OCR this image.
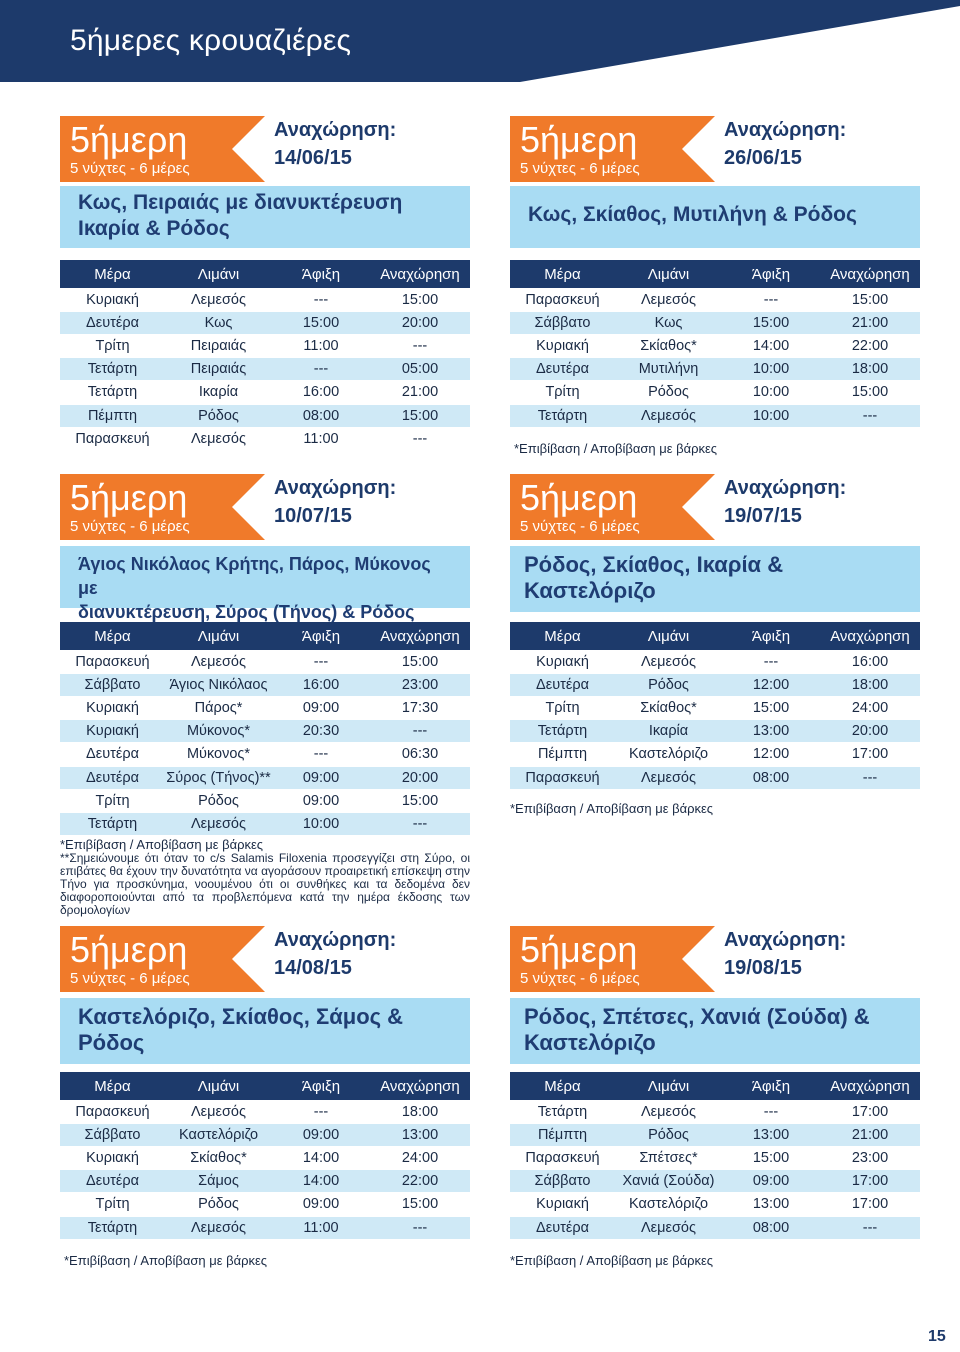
5ήμερες κρουαζιέρες
5ήμερη
5 νύχτες - 6 μέρες
Αναχώρηση:
14/06/15
Κως, Πειραιάς με διανυκτέρευση
Ικαρία & Ρόδος
Μέρα	Λιμάνι	Άφιξη	Αναχώρηση
Κυριακή	Λεμεσός	---	15:00
Δευτέρα	Κως	15:00	20:00
Τρίτη	Πειραιάς	11:00	---
Τετάρτη	Πειραιάς	---	05:00
Τετάρτη	Ικαρία	16:00	21:00
Πέμπτη	Ρόδος	08:00	15:00
Παρασκευή	Λεμεσός	11:00	---
5ήμερη
5 νύχτες - 6 μέρες
Αναχώρηση:
26/06/15
Κως, Σκίαθος, Μυτιλήνη & Ρόδος
Μέρα	Λιμάνι	Άφιξη	Αναχώρηση
Παρασκευή	Λεμεσός	---	15:00
Σάββατο	Κως	15:00	21:00
Κυριακή	Σκίαθος*	14:00	22:00
Δευτέρα	Μυτιλήνη	10:00	18:00
Τρίτη	Ρόδος	10:00	15:00
Τετάρτη	Λεμεσός	10:00	---
*Επιβίβαση / Αποβίβαση με βάρκες
5ήμερη
5 νύχτες - 6 μέρες
Αναχώρηση:
10/07/15
Άγιος Νικόλαος Κρήτης, Πάρος, Μύκονος με
διανυκτέρευση, Σύρος (Τήνος) & Ρόδος
Μέρα	Λιμάνι	Άφιξη	Αναχώρηση
Παρασκευή	Λεμεσός	---	15:00
Σάββατο	Άγιος Νικόλαος	16:00	23:00
Κυριακή	Πάρος*	09:00	17:30
Κυριακή	Μύκονος*	20:30	---
Δευτέρα	Μύκονος*	---	06:30
Δευτέρα	Σύρος (Τήνος)**	09:00	20:00
Τρίτη	Ρόδος	09:00	15:00
Τετάρτη	Λεμεσός	10:00	---
*Επιβίβαση / Αποβίβαση με βάρκες
**Σημειώνουμε ότι όταν το c/s Salamis Filoxenia προσεγγίζει στη Σύρο, οι επιβάτες θα έχουν την δυνατότητα να αγοράσουν προαιρετική επίσκεψη στην Τήνο για προσκύνημα, νοουμένου ότι οι συνθήκες και τα δεδομένα δεν διαφοροποιούνται από τα προβλεπόμενα κατά την ημέρα έκδοσης των δρομολογίων
5ήμερη
5 νύχτες - 6 μέρες
Αναχώρηση:
19/07/15
Ρόδος, Σκίαθος, Ικαρία &
Καστελόριζο
Μέρα	Λιμάνι	Άφιξη	Αναχώρηση
Κυριακή	Λεμεσός	---	16:00
Δευτέρα	Ρόδος	12:00	18:00
Τρίτη	Σκίαθος*	15:00	24:00
Τετάρτη	Ικαρία	13:00	20:00
Πέμπτη	Καστελόριζο	12:00	17:00
Παρασκευή	Λεμεσός	08:00	---
*Επιβίβαση / Αποβίβαση με βάρκες
5ήμερη
5 νύχτες - 6 μέρες
Αναχώρηση:
14/08/15
Καστελόριζο, Σκίαθος, Σάμος &
Ρόδος
Μέρα	Λιμάνι	Άφιξη	Αναχώρηση
Παρασκευή	Λεμεσός	---	18:00
Σάββατο	Καστελόριζο	09:00	13:00
Κυριακή	Σκίαθος*	14:00	24:00
Δευτέρα	Σάμος	14:00	22:00
Τρίτη	Ρόδος	09:00	15:00
Τετάρτη	Λεμεσός	11:00	---
*Επιβίβαση / Αποβίβαση με βάρκες
5ήμερη
5 νύχτες - 6 μέρες
Αναχώρηση:
19/08/15
Ρόδος, Σπέτσες, Χανιά (Σούδα) &
Καστελόριζο
Μέρα	Λιμάνι	Άφιξη	Αναχώρηση
Τετάρτη	Λεμεσός	---	17:00
Πέμπτη	Ρόδος	13:00	21:00
Παρασκευή	Σπέτσες*	15:00	23:00
Σάββατο	Χανιά (Σούδα)	09:00	17:00
Κυριακή	Καστελόριζο	13:00	17:00
Δευτέρα	Λεμεσός	08:00	---
*Επιβίβαση / Αποβίβαση με βάρκες
15
